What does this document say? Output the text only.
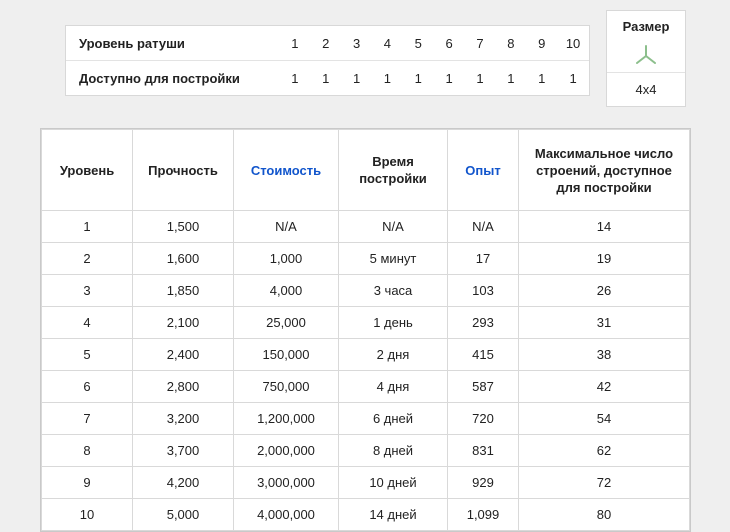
Уровень ратуши	1	2	3	4	5	6	7	8	9	10
Доступно для постройки	1	1	1	1	1	1	1	1	1	1
Размер
4x4
Уровень	Прочность	Стоимость	Время постройки	Опыт	Максимальное число строений, доступное для постройки
1	1,500	N/A	N/A	N/A	14
2	1,600	1,000	5 минут	17	19
3	1,850	4,000	3 часа	103	26
4	2,100	25,000	1 день	293	31
5	2,400	150,000	2 дня	415	38
6	2,800	750,000	4 дня	587	42
7	3,200	1,200,000	6 дней	720	54
8	3,700	2,000,000	8 дней	831	62
9	4,200	3,000,000	10 дней	929	72
10	5,000	4,000,000	14 дней	1,099	80
